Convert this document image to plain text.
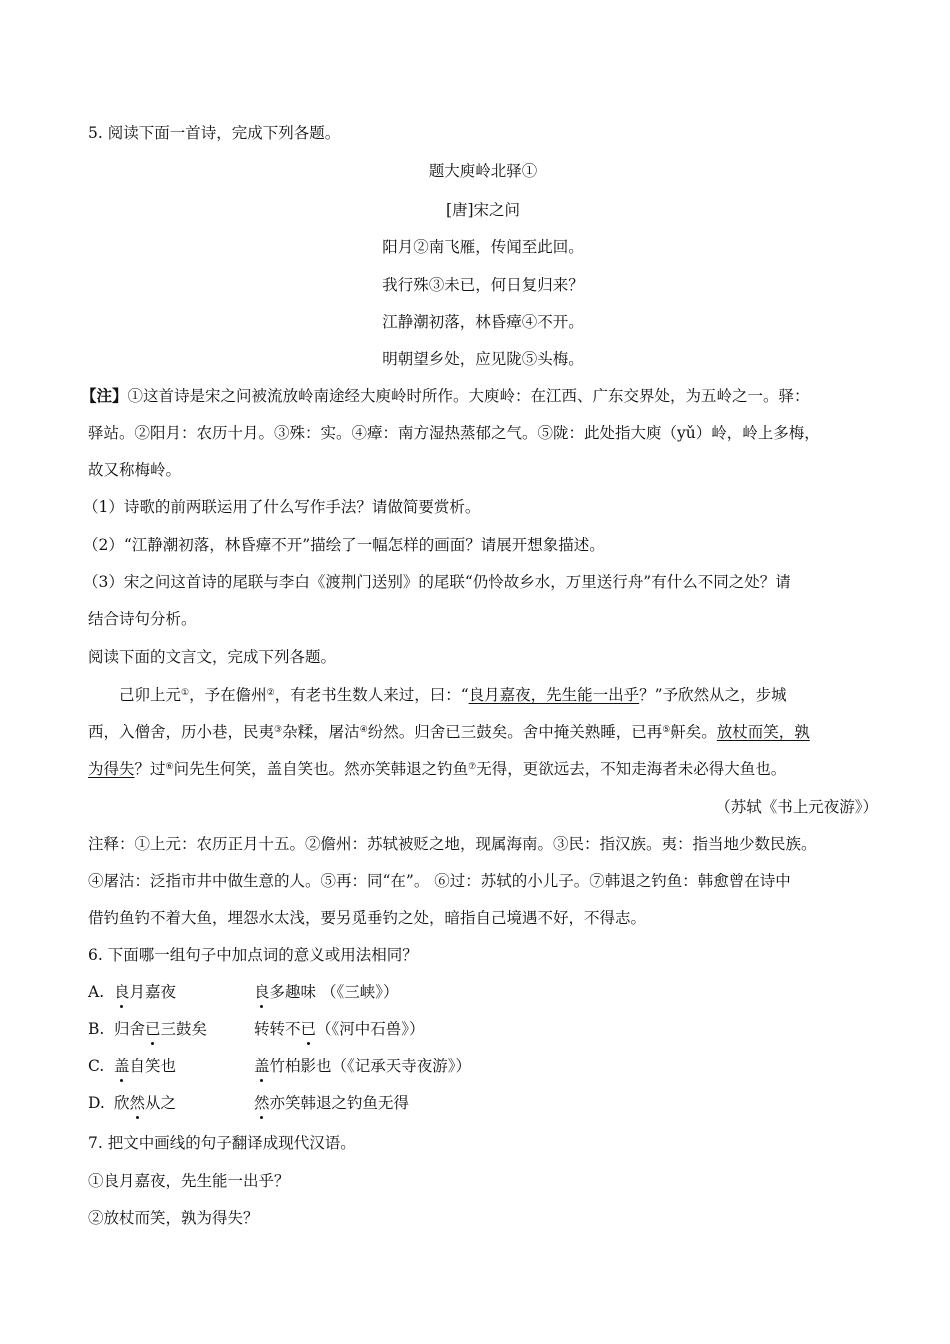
5. 阅读下面一首诗，完成下列各题。
题大庾岭北驿①
[唐]宋之问
阳月②南飞雁，传闻至此回。
我行殊③未已，何日复归来？
江静潮初落，林昏瘴④不开。
明朝望乡处，应见陇⑤头梅。
【注】①这首诗是宋之问被流放岭南途经大庾岭时所作。大庾岭：在江西、广东交界处，为五岭之一。驿：
驿站。②阳月：农历十月。③殊：实。④瘴：南方湿热蒸郁之气。⑤陇：此处指大庾（yǔ）岭，岭上多梅，
故又称梅岭。
（1）诗歌的前两联运用了什么写作手法？请做简要赏析。
（2）“江静潮初落，林昏瘴不开”描绘了一幅怎样的画面？请展开想象描述。
（3）宋之问这首诗的尾联与李白《渡荆门送别》的尾联“仍怜故乡水，万里送行舟”有什么不同之处？请
结合诗句分析。
阅读下面的文言文，完成下列各题。
己卯上元①，予在儋州②，有老书生数人来过，曰：“良月嘉夜，先生能一出乎？”予欣然从之，步城
西，入僧舍，历小巷，民夷③杂糅，屠沽④纷然。归舍已三鼓矣。舍中掩关熟睡，已再⑤鼾矣。放杖而笑，孰
为得失？过⑥问先生何笑，盖自笑也。然亦笑韩退之钓鱼⑦无得，更欲远去，不知走海者未必得大鱼也。
（苏轼《书上元夜游》）
注释：①上元：农历正月十五。②儋州：苏轼被贬之地，现属海南。③民：指汉族。夷：指当地少数民族。
④屠沽：泛指市井中做生意的人。⑤再：同“在”。 ⑥过：苏轼的小儿子。⑦韩退之钓鱼：韩愈曾在诗中
借钓鱼钓不着大鱼，埋怨水太浅，要另觅垂钓之处，暗指自己境遇不好，不得志。
6. 下面哪一组句子中加点词的意义或用法相同？
A. 良月嘉夜	良多趣味 （《三峡》）
B. 归舍已三鼓矣	转转不已（《河中石兽》）
C. 盖自笑也	盖竹柏影也（《记承天寺夜游》）
D. 欣然从之	然亦笑韩退之钓鱼无得
7. 把文中画线的句子翻译成现代汉语。
①良月嘉夜，先生能一出乎？
②放杖而笑，孰为得失？
